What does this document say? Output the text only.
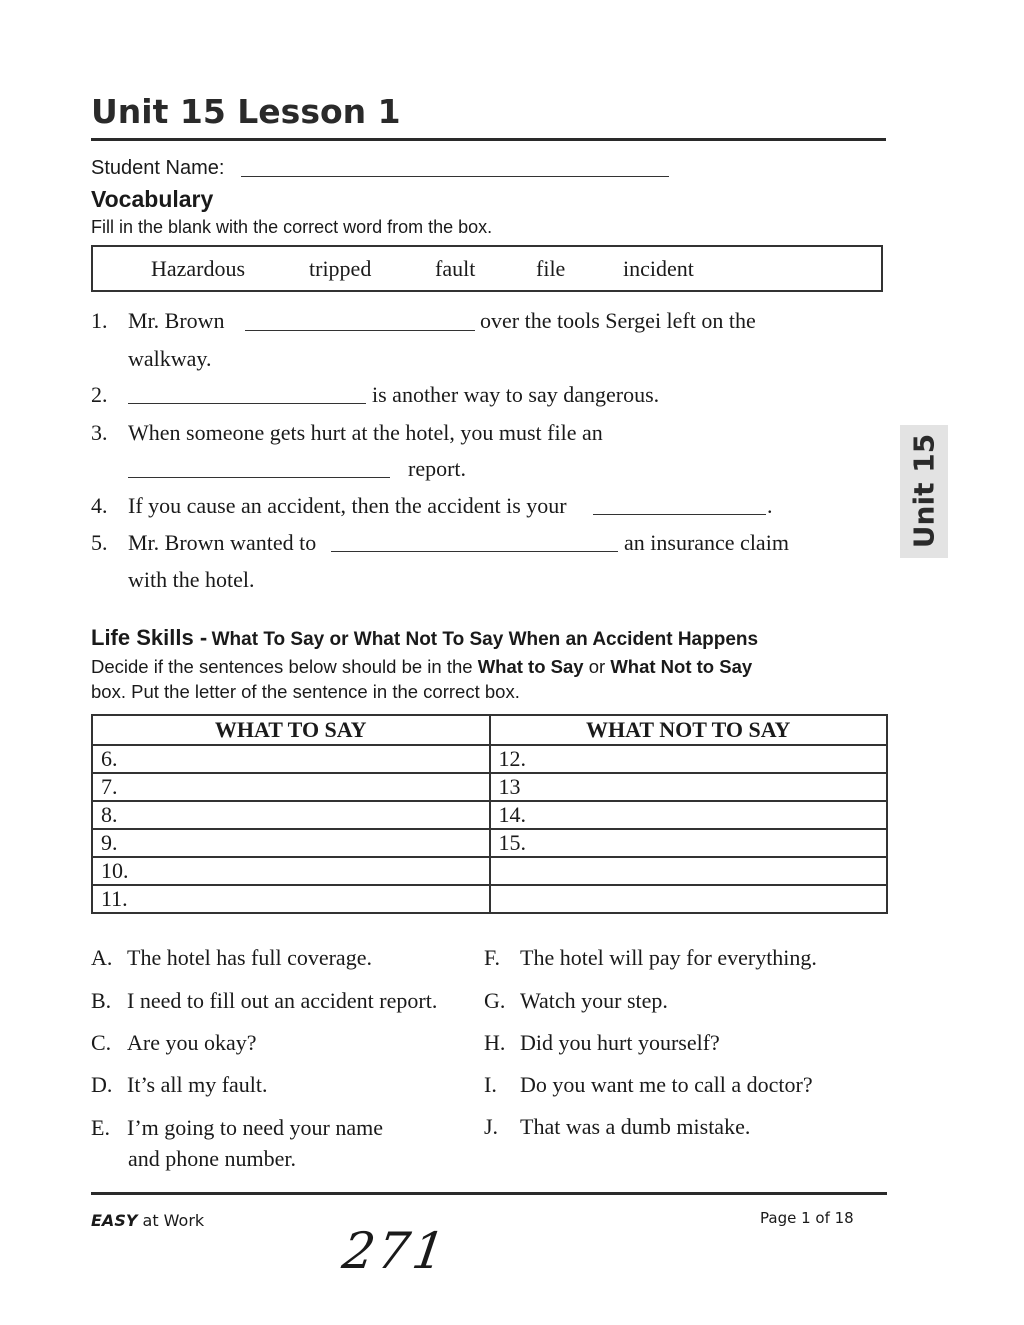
Unit 15 Lesson 1
Student Name:
Vocabulary
Fill in the blank with the correct word from the box.
Hazardous	tripped	fault	file	incident
1. Mr. Brown	over the tools Sergei left on the
walkway.
2.	is another way to say dangerous.
3. When someone gets hurt at the hotel, you must file an
report.
4. If you cause an accident, then the accident is your	.
5. Mr. Brown wanted to	an insurance claim
with the hotel.
Life Skills - What To Say or What Not To Say When an Accident Happens
Decide if the sentences below should be in the What to Say or What Not to Say
box. Put the letter of the sentence in the correct box.
WHAT TO SAY	WHAT NOT TO SAY
6.	12.
7.	13
8.	14.
9.	15.
10.	
11.	
A. The hotel has full coverage.
B. I need to fill out an accident report.
C. Are you okay?
D. It’s all my fault.
E. I’m going to need your name
and phone number.
F. The hotel will pay for everything.
G. Watch your step.
H. Did you hurt yourself?
I. Do you want me to call a doctor?
J. That was a dumb mistake.
Unit 15
EASY at Work	Page 1 of 18
271
